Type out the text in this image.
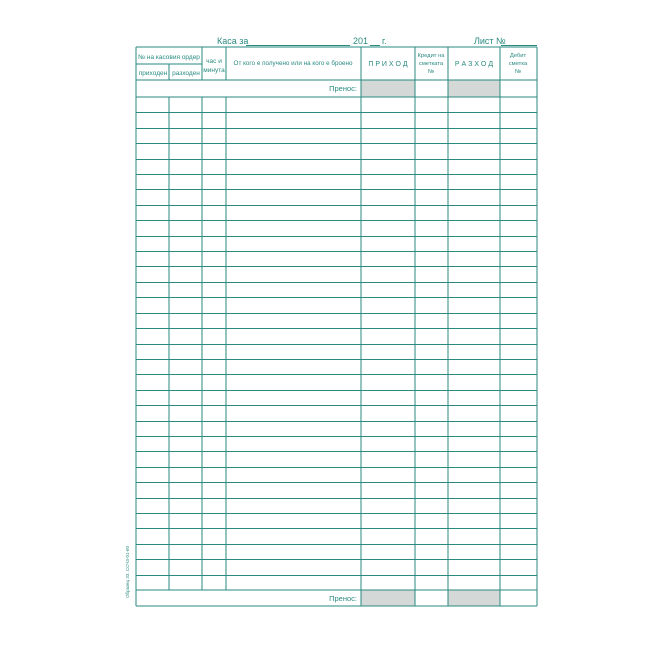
Каса за	201 г.	Лист №
№ на касовия ордер
приходен разходен
час и
минута
От кого е получено или на кого е броено П Р И Х О Д
Кредит на
сметката
№
Р А З Х О Д
Дебит
сметка
№
Пренос:
Пренос:
Образец 33, ССЧЗ-01-60
